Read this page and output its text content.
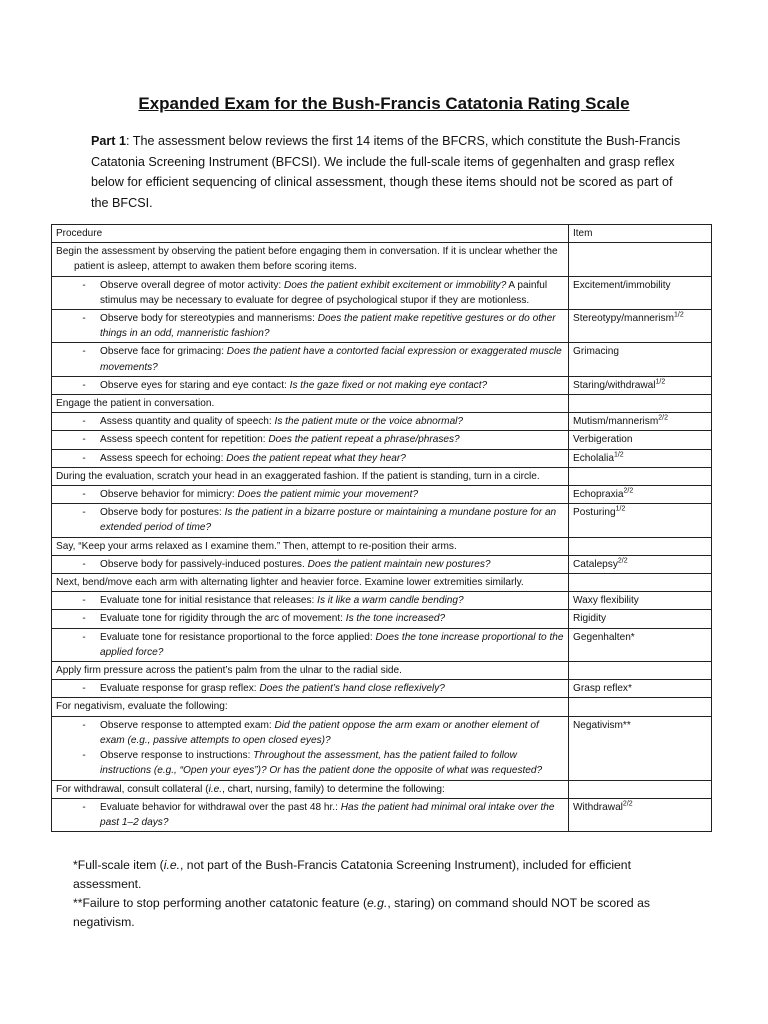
Expanded Exam for the Bush-Francis Catatonia Rating Scale
Part 1: The assessment below reviews the first 14 items of the BFCRS, which constitute the Bush-Francis Catatonia Screening Instrument (BFCSI). We include the full-scale items of gegenhalten and grasp reflex below for efficient sequencing of clinical assessment, though these items should not be scored as part of the BFCSI.
Procedure	Item

Begin the assessment by observing the patient before engaging them in conversation. If it is unclear whether the patient is asleep, attempt to awaken them before scoring items.	

- Observe overall degree of motor activity: Does the patient exhibit excitement or immobility? A painful stimulus may be necessary to evaluate for degree of psychological stupor if they are motionless.	Excitement/immobility

- Observe body for stereotypies and mannerisms: Does the patient make repetitive gestures or do other things in an odd, manneristic fashion?	Stereotypy/mannerism$^{1/2}$

- Observe face for grimacing: Does the patient have a contorted facial expression or exaggerated muscle movements?	Grimacing

- Observe eyes for staring and eye contact: Is the gaze fixed or not making eye contact?	Staring/withdrawal$^{1/2}$

Engage the patient in conversation.	

- Assess quantity and quality of speech: Is the patient mute or the voice abnormal?	Mutism/mannerism$^{2/2}$

- Assess speech content for repetition: Does the patient repeat a phrase/phrases?	Verbigeration

- Assess speech for echoing: Does the patient repeat what they hear?	Echolalia$^{1/2}$

During the evaluation, scratch your head in an exaggerated fashion. If the patient is standing, turn in a circle.	

- Observe behavior for mimicry: Does the patient mimic your movement?	Echopraxia$^{2/2}$

- Observe body for postures: Is the patient in a bizarre posture or maintaining a mundane posture for an extended period of time?	Posturing$^{1/2}$

Say, “Keep your arms relaxed as I examine them.” Then, attempt to re-position their arms.	

- Observe body for passively-induced postures. Does the patient maintain new postures?	Catalepsy$^{2/2}$

Next, bend/move each arm with alternating lighter and heavier force. Examine lower extremities similarly.	

- Evaluate tone for initial resistance that releases: Is it like a warm candle bending?	Waxy flexibility

- Evaluate tone for rigidity through the arc of movement: Is the tone increased?	Rigidity

- Evaluate tone for resistance proportional to the force applied: Does the tone increase proportional to the applied force?	Gegenhalten*

Apply firm pressure across the patient’s palm from the ulnar to the radial side.	

- Evaluate response for grasp reflex: Does the patient’s hand close reflexively?	Grasp reflex*

For negativism, evaluate the following:	

- Observe response to attempted exam: Did the patient oppose the arm exam or another element of exam (e.g., passive attempts to open closed eyes)?
- Observe response to instructions: Throughout the assessment, has the patient failed to follow instructions (e.g., “Open your eyes”)? Or has the patient done the opposite of what was requested?	Negativism**

For withdrawal, consult collateral (i.e., chart, nursing, family) to determine the following:	

- Evaluate behavior for withdrawal over the past 48 hr.: Has the patient had minimal oral intake over the past 1–2 days?	Withdrawal$^{2/2}$

*Full-scale item (i.e., not part of the Bush-Francis Catatonia Screening Instrument), included for efficient assessment.

**Failure to stop performing another catatonic feature (e.g., staring) on command should NOT be scored as negativism.
